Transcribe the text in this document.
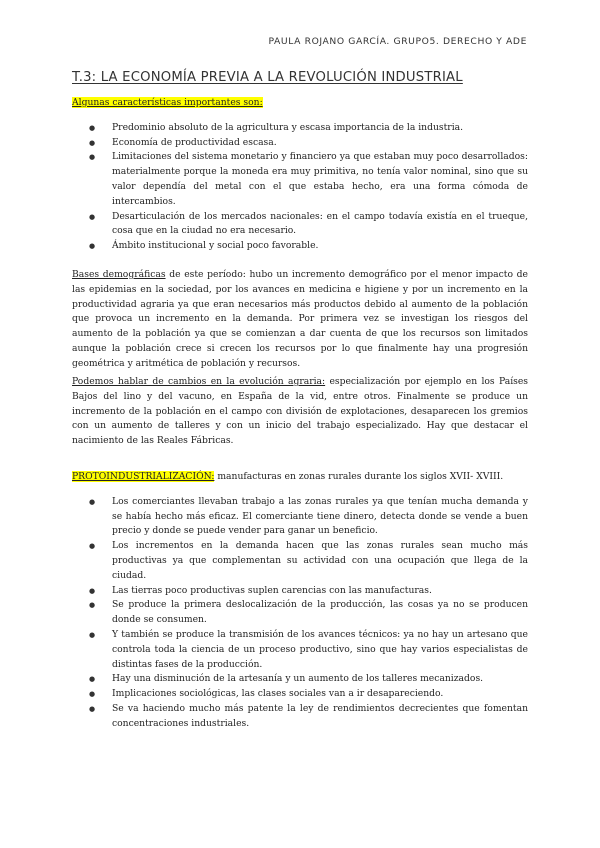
PAULA ROJANO GARCÍA. GRUPO5. DERECHO Y ADE
T.3: LA ECONOMÍA PREVIA A LA REVOLUCIÓN INDUSTRIAL
Algunas características importantes son:
● Predominio absoluto de la agricultura y escasa importancia de la industria.
● Economía de productividad escasa.
● Limitaciones del sistema monetario y financiero ya que estaban muy poco desarrollados: materialmente porque la moneda era muy primitiva, no tenía valor nominal, sino que su valor dependía del metal con el que estaba hecho, era una forma cómoda de intercambios.
● Desarticulación de los mercados nacionales: en el campo todavía existía en el trueque, cosa que en la ciudad no era necesario.
● Ámbito institucional y social poco favorable.

Bases demográficas de este período: hubo un incremento demográfico por el menor impacto de las epidemias en la sociedad, por los avances en medicina e higiene y por un incremento en la productividad agraria ya que eran necesarios más productos debido al aumento de la población que provoca un incremento en la demanda. Por primera vez se investigan los riesgos del aumento de la población ya que se comienzan a dar cuenta de que los recursos son limitados aunque la población crece si crecen los recursos por lo que finalmente hay una progresión geométrica y aritmética de población y recursos.

Podemos hablar de cambios en la evolución agraria: especialización por ejemplo en los Países Bajos del lino y del vacuno, en España de la vid, entre otros. Finalmente se produce un incremento de la población en el campo con división de explotaciones, desaparecen los gremios con un aumento de talleres y con un inicio del trabajo especializado. Hay que destacar el nacimiento de las Reales Fábricas.

PROTOINDUSTRIALIZACIÓN: manufacturas en zonas rurales durante los siglos XVII- XVIII.
● Los comerciantes llevaban trabajo a las zonas rurales ya que tenían mucha demanda y se había hecho más eficaz. El comerciante tiene dinero, detecta donde se vende a buen precio y donde se puede vender para ganar un beneficio.
● Los incrementos en la demanda hacen que las zonas rurales sean mucho más productivas ya que complementan su actividad con una ocupación que llega de la ciudad.
● Las tierras poco productivas suplen carencias con las manufacturas.
● Se produce la primera deslocalización de la producción, las cosas ya no se producen donde se consumen.
● Y también se produce la transmisión de los avances técnicos: ya no hay un artesano que controla toda la ciencia de un proceso productivo, sino que hay varios especialistas de distintas fases de la producción.
● Hay una disminución de la artesanía y un aumento de los talleres mecanizados.
● Implicaciones sociológicas, las clases sociales van a ir desapareciendo.
● Se va haciendo mucho más patente la ley de rendimientos decrecientes que fomentan concentraciones industriales.
